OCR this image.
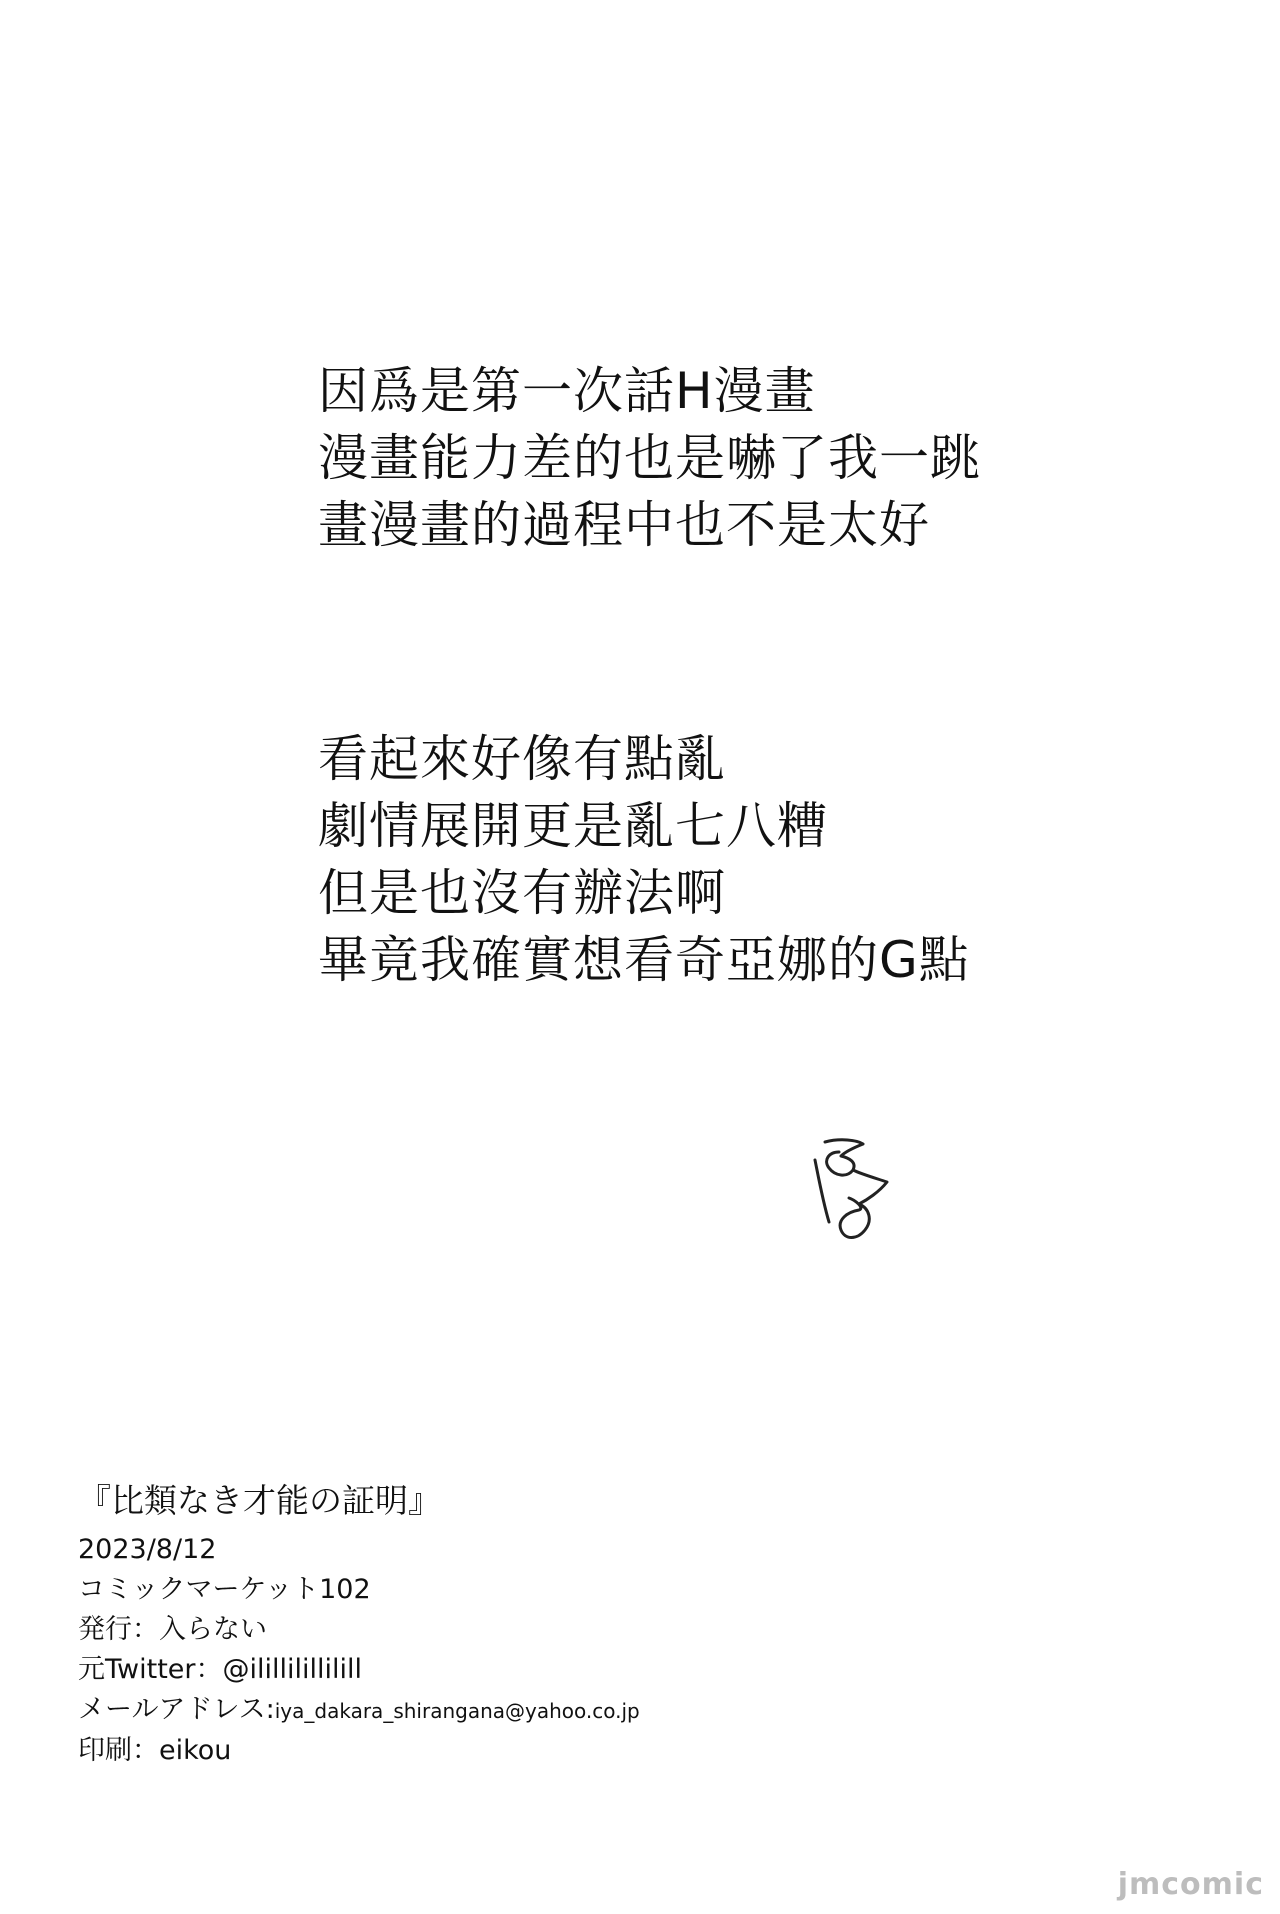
因爲是第一次話H漫畫
漫畫能力差的也是嚇了我一跳
畫漫畫的過程中也不是太好
看起來好像有點亂
劇情展開更是亂七八糟
但是也沒有辦法啊
畢竟我確實想看奇亞娜的G點
『比類なき才能の証明』
2023/8/12
コミックマーケット102
発行：入らない
元Twitter：@ilillilillilill
メールアドレス:iya_dakara_shirangana@yahoo.co.jp
印刷：eikou
jmcomic
